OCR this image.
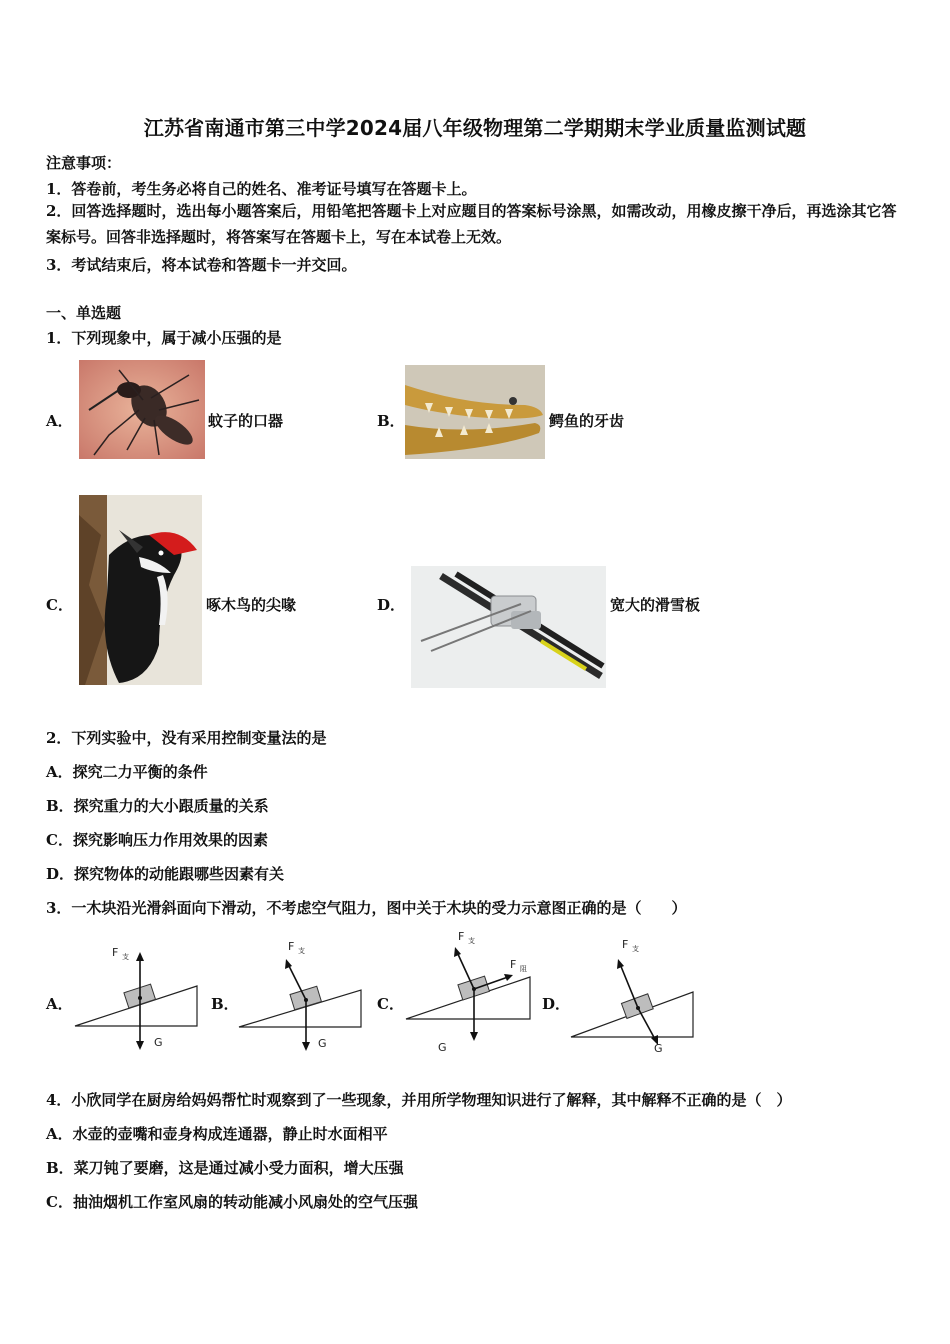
江苏省南通市第三中学2024届八年级物理第二学期期末学业质量监测试题
注意事项：
1．答卷前，考生务必将自己的姓名、准考证号填写在答题卡上。
2．回答选择题时，选出每小题答案后，用铅笔把答题卡上对应题目的答案标号涂黑，如需改动，用橡皮擦干净后，再选涂其它答案标号。回答非选择题时，将答案写在答题卡上，写在本试卷上无效。
3．考试结束后，将本试卷和答题卡一并交回。
一、单选题
1．下列现象中，属于减小压强的是
A．	蚊子的口器	B．	鳄鱼的牙齿
C．	啄木鸟的尖喙	D．	宽大的滑雪板
2．下列实验中，没有采用控制变量法的是
A．探究二力平衡的条件
B．探究重力的大小跟质量的关系
C．探究影响压力作用效果的因素
D．探究物体的动能跟哪些因素有关
3．一木块沿光滑斜面向下滑动，不考虑空气阻力，图中关于木块的受力示意图正确的是（　　）
A．
F 支
G
B．
F 支
G
C．
F 支
F 阻
G
D．
F 支
G
4．小欣同学在厨房给妈妈帮忙时观察到了一些现象，并用所学物理知识进行了解释，其中解释不正确的是（　）
A．水壶的壶嘴和壶身构成连通器，静止时水面相平
B．菜刀钝了要磨，这是通过减小受力面积，增大压强
C．抽油烟机工作室风扇的转动能减小风扇处的空气压强
